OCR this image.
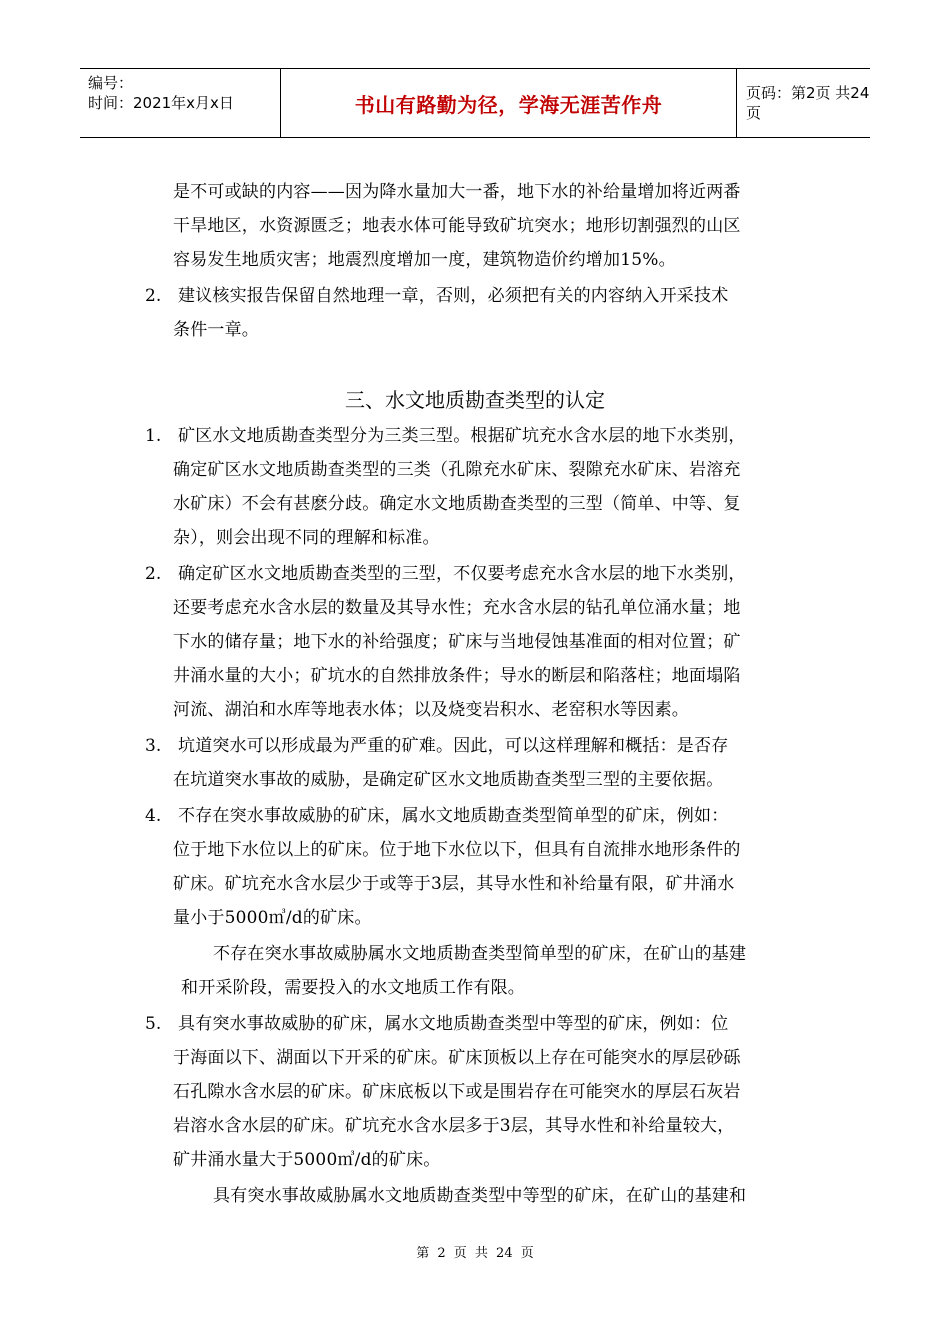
编号：
时间：2021年x月x日	书山有路勤为径，学海无涯苦作舟	页码：第2页 共24页
是不可或缺的内容——因为降水量加大一番，地下水的补给量增加将近两番
干旱地区，水资源匮乏；地表水体可能导致矿坑突水；地形切割强烈的山区
容易发生地质灾害；地震烈度增加一度，建筑物造价约增加15%。
2. 建议核实报告保留自然地理一章，否则，必须把有关的内容纳入开采技术
条件一章。
三、水文地质勘查类型的认定
1. 矿区水文地质勘查类型分为三类三型。根据矿坑充水含水层的地下水类别，
确定矿区水文地质勘查类型的三类（孔隙充水矿床、裂隙充水矿床、岩溶充
水矿床）不会有甚麽分歧。确定水文地质勘查类型的三型（简单、中等、复
杂），则会出现不同的理解和标准。
2. 确定矿区水文地质勘查类型的三型，不仅要考虑充水含水层的地下水类别，
还要考虑充水含水层的数量及其导水性；充水含水层的钻孔单位涌水量；地
下水的储存量；地下水的补给强度；矿床与当地侵蚀基准面的相对位置；矿
井涌水量的大小；矿坑水的自然排放条件；导水的断层和陷落柱；地面塌陷
河流、湖泊和水库等地表水体；以及烧变岩积水、老窑积水等因素。
3. 坑道突水可以形成最为严重的矿难。因此，可以这样理解和概括：是否存
在坑道突水事故的威胁，是确定矿区水文地质勘查类型三型的主要依据。
4. 不存在突水事故威胁的矿床，属水文地质勘查类型简单型的矿床，例如：
位于地下水位以上的矿床。位于地下水位以下，但具有自流排水地形条件的
矿床。矿坑充水含水层少于或等于3层，其导水性和补给量有限，矿井涌水
量小于5000㎥/d的矿床。
不存在突水事故威胁属水文地质勘查类型简单型的矿床，在矿山的基建
和开采阶段，需要投入的水文地质工作有限。
5. 具有突水事故威胁的矿床，属水文地质勘查类型中等型的矿床，例如：位
于海面以下、湖面以下开采的矿床。矿床顶板以上存在可能突水的厚层砂砾
石孔隙水含水层的矿床。矿床底板以下或是围岩存在可能突水的厚层石灰岩
岩溶水含水层的矿床。矿坑充水含水层多于3层，其导水性和补给量较大，
矿井涌水量大于5000㎥/d的矿床。
具有突水事故威胁属水文地质勘查类型中等型的矿床，在矿山的基建和
第 2 页 共 24 页
